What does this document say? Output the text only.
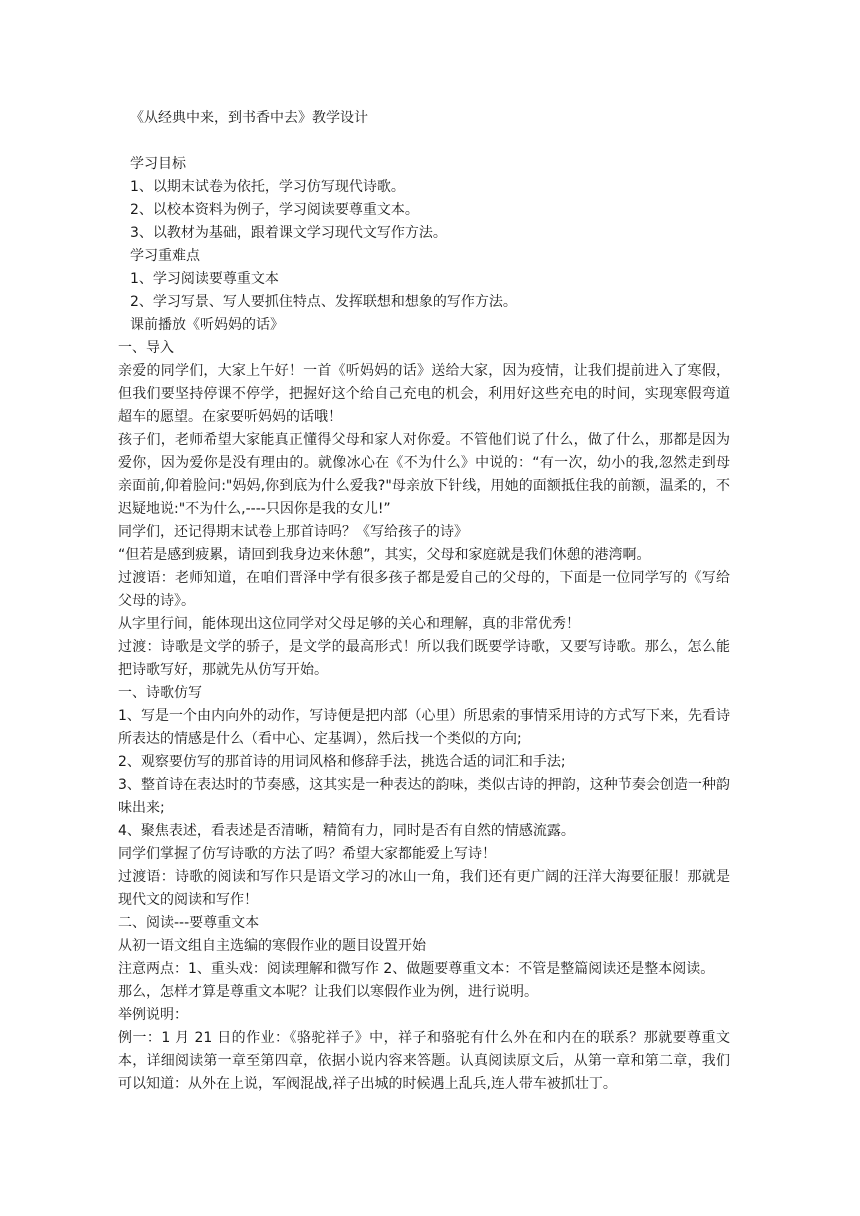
《从经典中来，到书香中去》教学设计

学习目标

1、以期末试卷为依托，学习仿写现代诗歌。

2、以校本资料为例子，学习阅读要尊重文本。

3、以教材为基础，跟着课文学习现代文写作方法。

学习重难点

1、学习阅读要尊重文本

2、学习写景、写人要抓住特点、发挥联想和想象的写作方法。

课前播放《听妈妈的话》

一、导入

亲爱的同学们，大家上午好！一首《听妈妈的话》送给大家，因为疫情，让我们提前进入了寒假，但我们要坚持停课不停学，把握好这个给自己充电的机会，利用好这些充电的时间，实现寒假弯道超车的愿望。在家要听妈妈的话哦！

孩子们，老师希望大家能真正懂得父母和家人对你爱。不管他们说了什么，做了什么，那都是因为爱你，因为爱你是没有理由的。就像冰心在《不为什么》中说的：“有一次，幼小的我,忽然走到母亲面前,仰着脸问:"妈妈,你到底为什么爱我?"母亲放下针线，用她的面额抵住我的前额，温柔的，不迟疑地说:"不为什么,----只因你是我的女儿!”

同学们，还记得期末试卷上那首诗吗？《写给孩子的诗》

“但若是感到疲累，请回到我身边来休憩”，其实，父母和家庭就是我们休憩的港湾啊。

过渡语：老师知道，在咱们晋泽中学有很多孩子都是爱自己的父母的，下面是一位同学写的《写给父母的诗》。

从字里行间，能体现出这位同学对父母足够的关心和理解，真的非常优秀！

过渡：诗歌是文学的骄子，是文学的最高形式！所以我们既要学诗歌，又要写诗歌。那么，怎么能把诗歌写好，那就先从仿写开始。

一、诗歌仿写

1、写是一个由内向外的动作，写诗便是把内部（心里）所思索的事情采用诗的方式写下来，先看诗所表达的情感是什么（看中心、定基调），然后找一个类似的方向;

2、观察要仿写的那首诗的用词风格和修辞手法，挑选合适的词汇和手法;

3、整首诗在表达时的节奏感，这其实是一种表达的韵味，类似古诗的押韵，这种节奏会创造一种韵味出来;

4、聚焦表述，看表述是否清晰，精简有力，同时是否有自然的情感流露。

同学们掌握了仿写诗歌的方法了吗？希望大家都能爱上写诗！

过渡语：诗歌的阅读和写作只是语文学习的冰山一角，我们还有更广阔的汪洋大海要征服！那就是现代文的阅读和写作！

二、阅读---要尊重文本

从初一语文组自主选编的寒假作业的题目设置开始

注意两点：1、重头戏：阅读理解和微写作 2、做题要尊重文本：不管是整篇阅读还是整本阅读。

那么，怎样才算是尊重文本呢？让我们以寒假作业为例，进行说明。

举例说明：

例一：1 月 21 日的作业：《骆驼祥子》中，祥子和骆驼有什么外在和内在的联系？那就要尊重文本，详细阅读第一章至第四章，依据小说内容来答题。认真阅读原文后，从第一章和第二章，我们可以知道：从外在上说，军阀混战,祥子出城的时候遇上乱兵,连人带车被抓壮丁。
